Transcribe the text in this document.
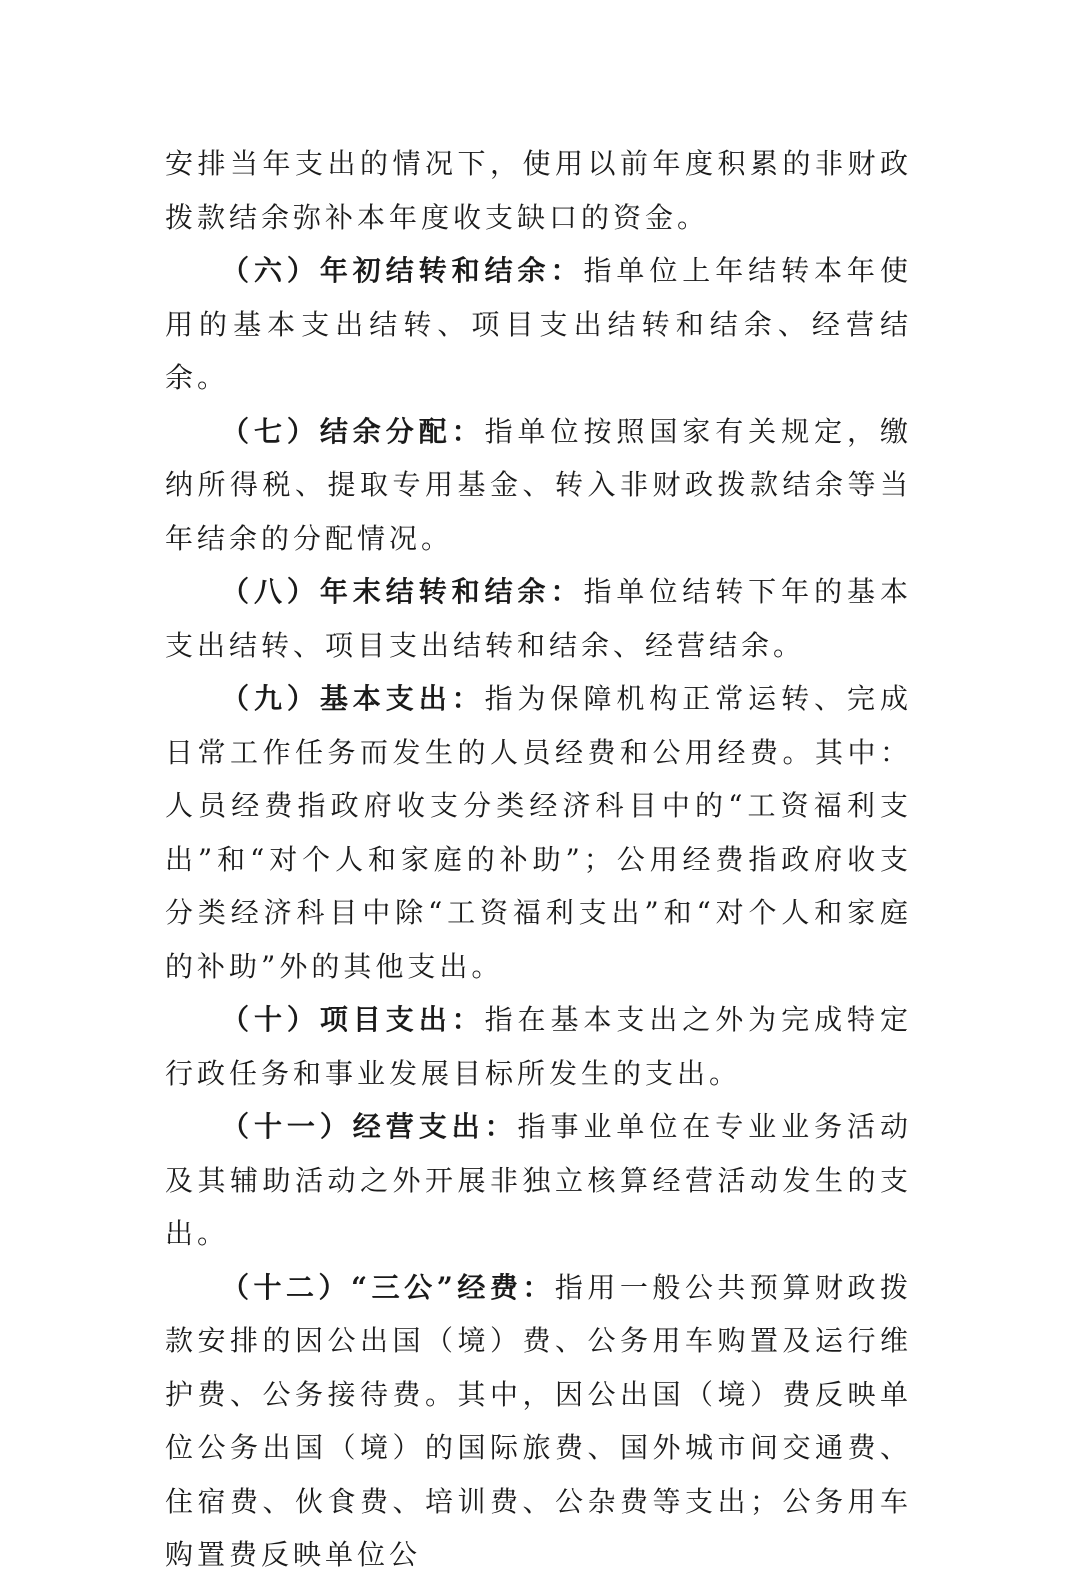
安排当年支出的情况下，使用以前年度积累的非财政拨款结余弥补本年度收支缺口的资金。

（六）年初结转和结余：指单位上年结转本年使用的基本支出结转、项目支出结转和结余、经营结余。

（七）结余分配：指单位按照国家有关规定，缴纳所得税、提取专用基金、转入非财政拨款结余等当年结余的分配情况。

（八）年末结转和结余：指单位结转下年的基本支出结转、项目支出结转和结余、经营结余。

（九）基本支出：指为保障机构正常运转、完成日常工作任务而发生的人员经费和公用经费。其中：人员经费指政府收支分类经济科目中的“工资福利支出”和“对个人和家庭的补助”；公用经费指政府收支分类经济科目中除“工资福利支出”和“对个人和家庭的补助”外的其他支出。

（十）项目支出：指在基本支出之外为完成特定行政任务和事业发展目标所发生的支出。

（十一）经营支出：指事业单位在专业业务活动及其辅助活动之外开展非独立核算经营活动发生的支出。

（十二）“三公”经费：指用一般公共预算财政拨款安排的因公出国（境）费、公务用车购置及运行维护费、公务接待费。其中，因公出国（境）费反映单位公务出国（境）的国际旅费、国外城市间交通费、住宿费、伙食费、培训费、公杂费等支出；公务用车购置费反映单位公
